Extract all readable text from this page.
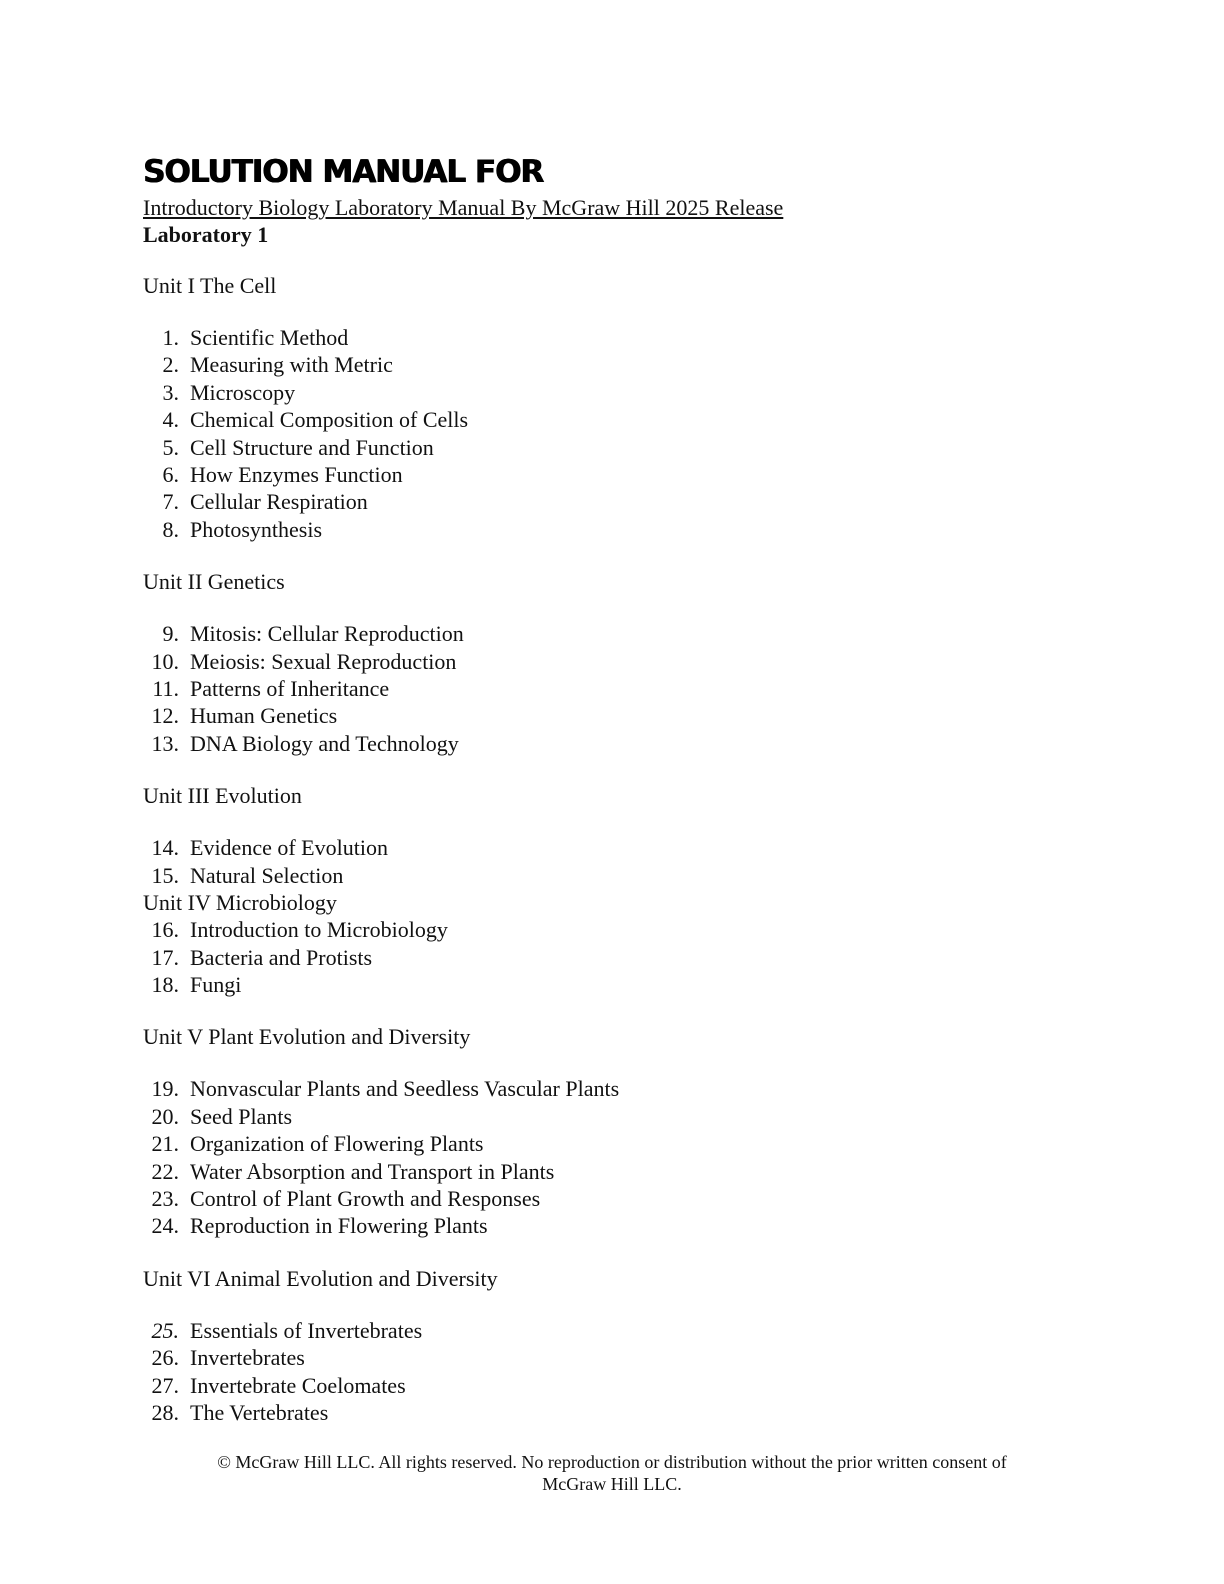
SOLUTION MANUAL FOR

Introductory Biology Laboratory Manual By McGraw Hill 2025 Release

Laboratory 1

Unit I The Cell

1. Scientific Method
2. Measuring with Metric
3. Microscopy
4. Chemical Composition of Cells
5. Cell Structure and Function
6. How Enzymes Function
7. Cellular Respiration
8. Photosynthesis

Unit II Genetics

9. Mitosis: Cellular Reproduction
10. Meiosis: Sexual Reproduction
11. Patterns of Inheritance
12. Human Genetics
13. DNA Biology and Technology

Unit III Evolution

14. Evidence of Evolution
15. Natural Selection

Unit IV Microbiology

16. Introduction to Microbiology
17. Bacteria and Protists
18. Fungi

Unit V Plant Evolution and Diversity

19. Nonvascular Plants and Seedless Vascular Plants
20. Seed Plants
21. Organization of Flowering Plants
22. Water Absorption and Transport in Plants
23. Control of Plant Growth and Responses
24. Reproduction in Flowering Plants

Unit VI Animal Evolution and Diversity

25. Essentials of Invertebrates
26. Invertebrates
27. Invertebrate Coelomates
28. The Vertebrates
© McGraw Hill LLC. All rights reserved. No reproduction or distribution without the prior written consent of
McGraw Hill LLC.
